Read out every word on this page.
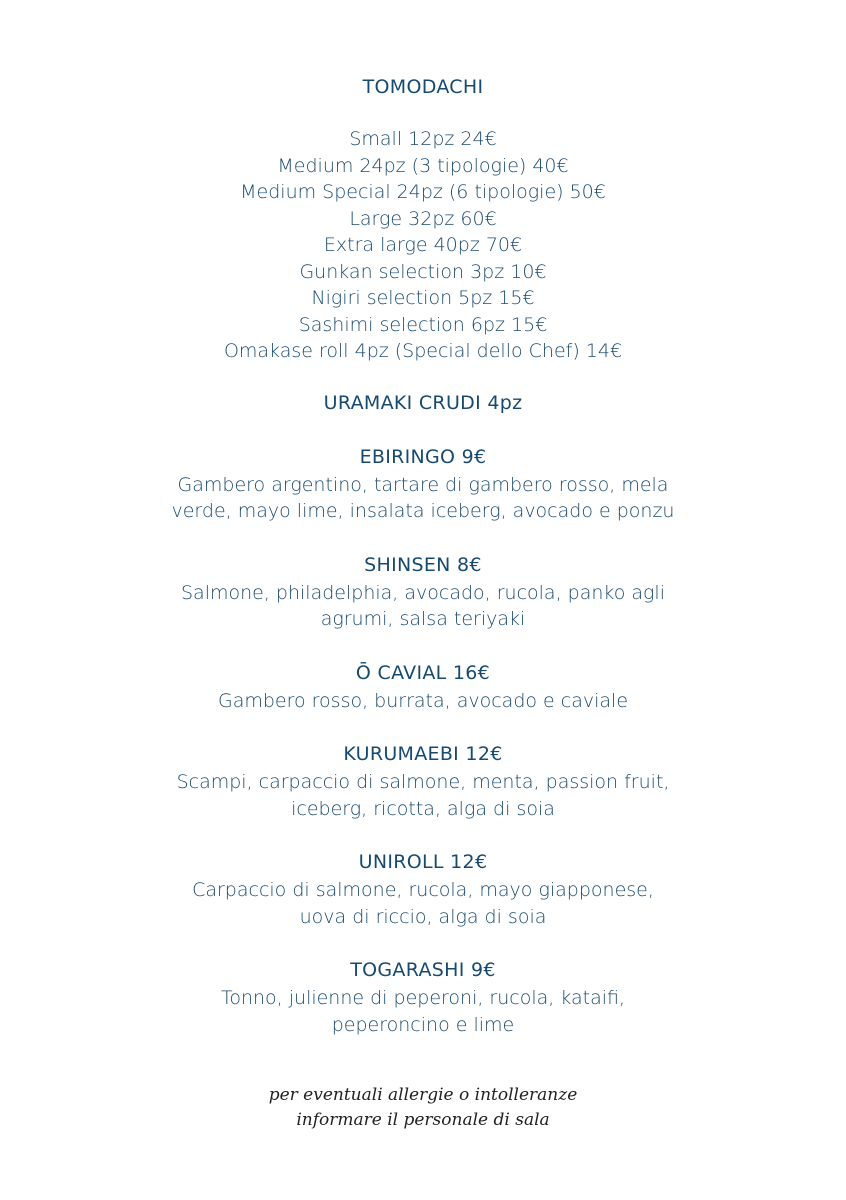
TOMODACHI
Small 12pz 24€
Medium 24pz (3 tipologie) 40€
Medium Special 24pz (6 tipologie) 50€
Large 32pz 60€
Extra large 40pz 70€
Gunkan selection 3pz 10€
Nigiri selection 5pz 15€
Sashimi selection 6pz 15€
Omakase roll 4pz (Special dello Chef) 14€
URAMAKI CRUDI 4pz
EBIRINGO 9€
Gambero argentino, tartare di gambero rosso, mela
verde, mayo lime, insalata iceberg, avocado e ponzu
SHINSEN 8€
Salmone, philadelphia, avocado, rucola, panko agli
agrumi, salsa teriyaki
Ō CAVIAL 16€
Gambero rosso, burrata, avocado e caviale
KURUMAEBI 12€
Scampi, carpaccio di salmone, menta, passion fruit,
iceberg, ricotta, alga di soia
UNIROLL 12€
Carpaccio di salmone, rucola, mayo giapponese,
uova di riccio, alga di soia
TOGARASHI 9€
Tonno, julienne di peperoni, rucola, kataifi,
peperoncino e lime
per eventuali allergie o intolleranze
informare il personale di sala
